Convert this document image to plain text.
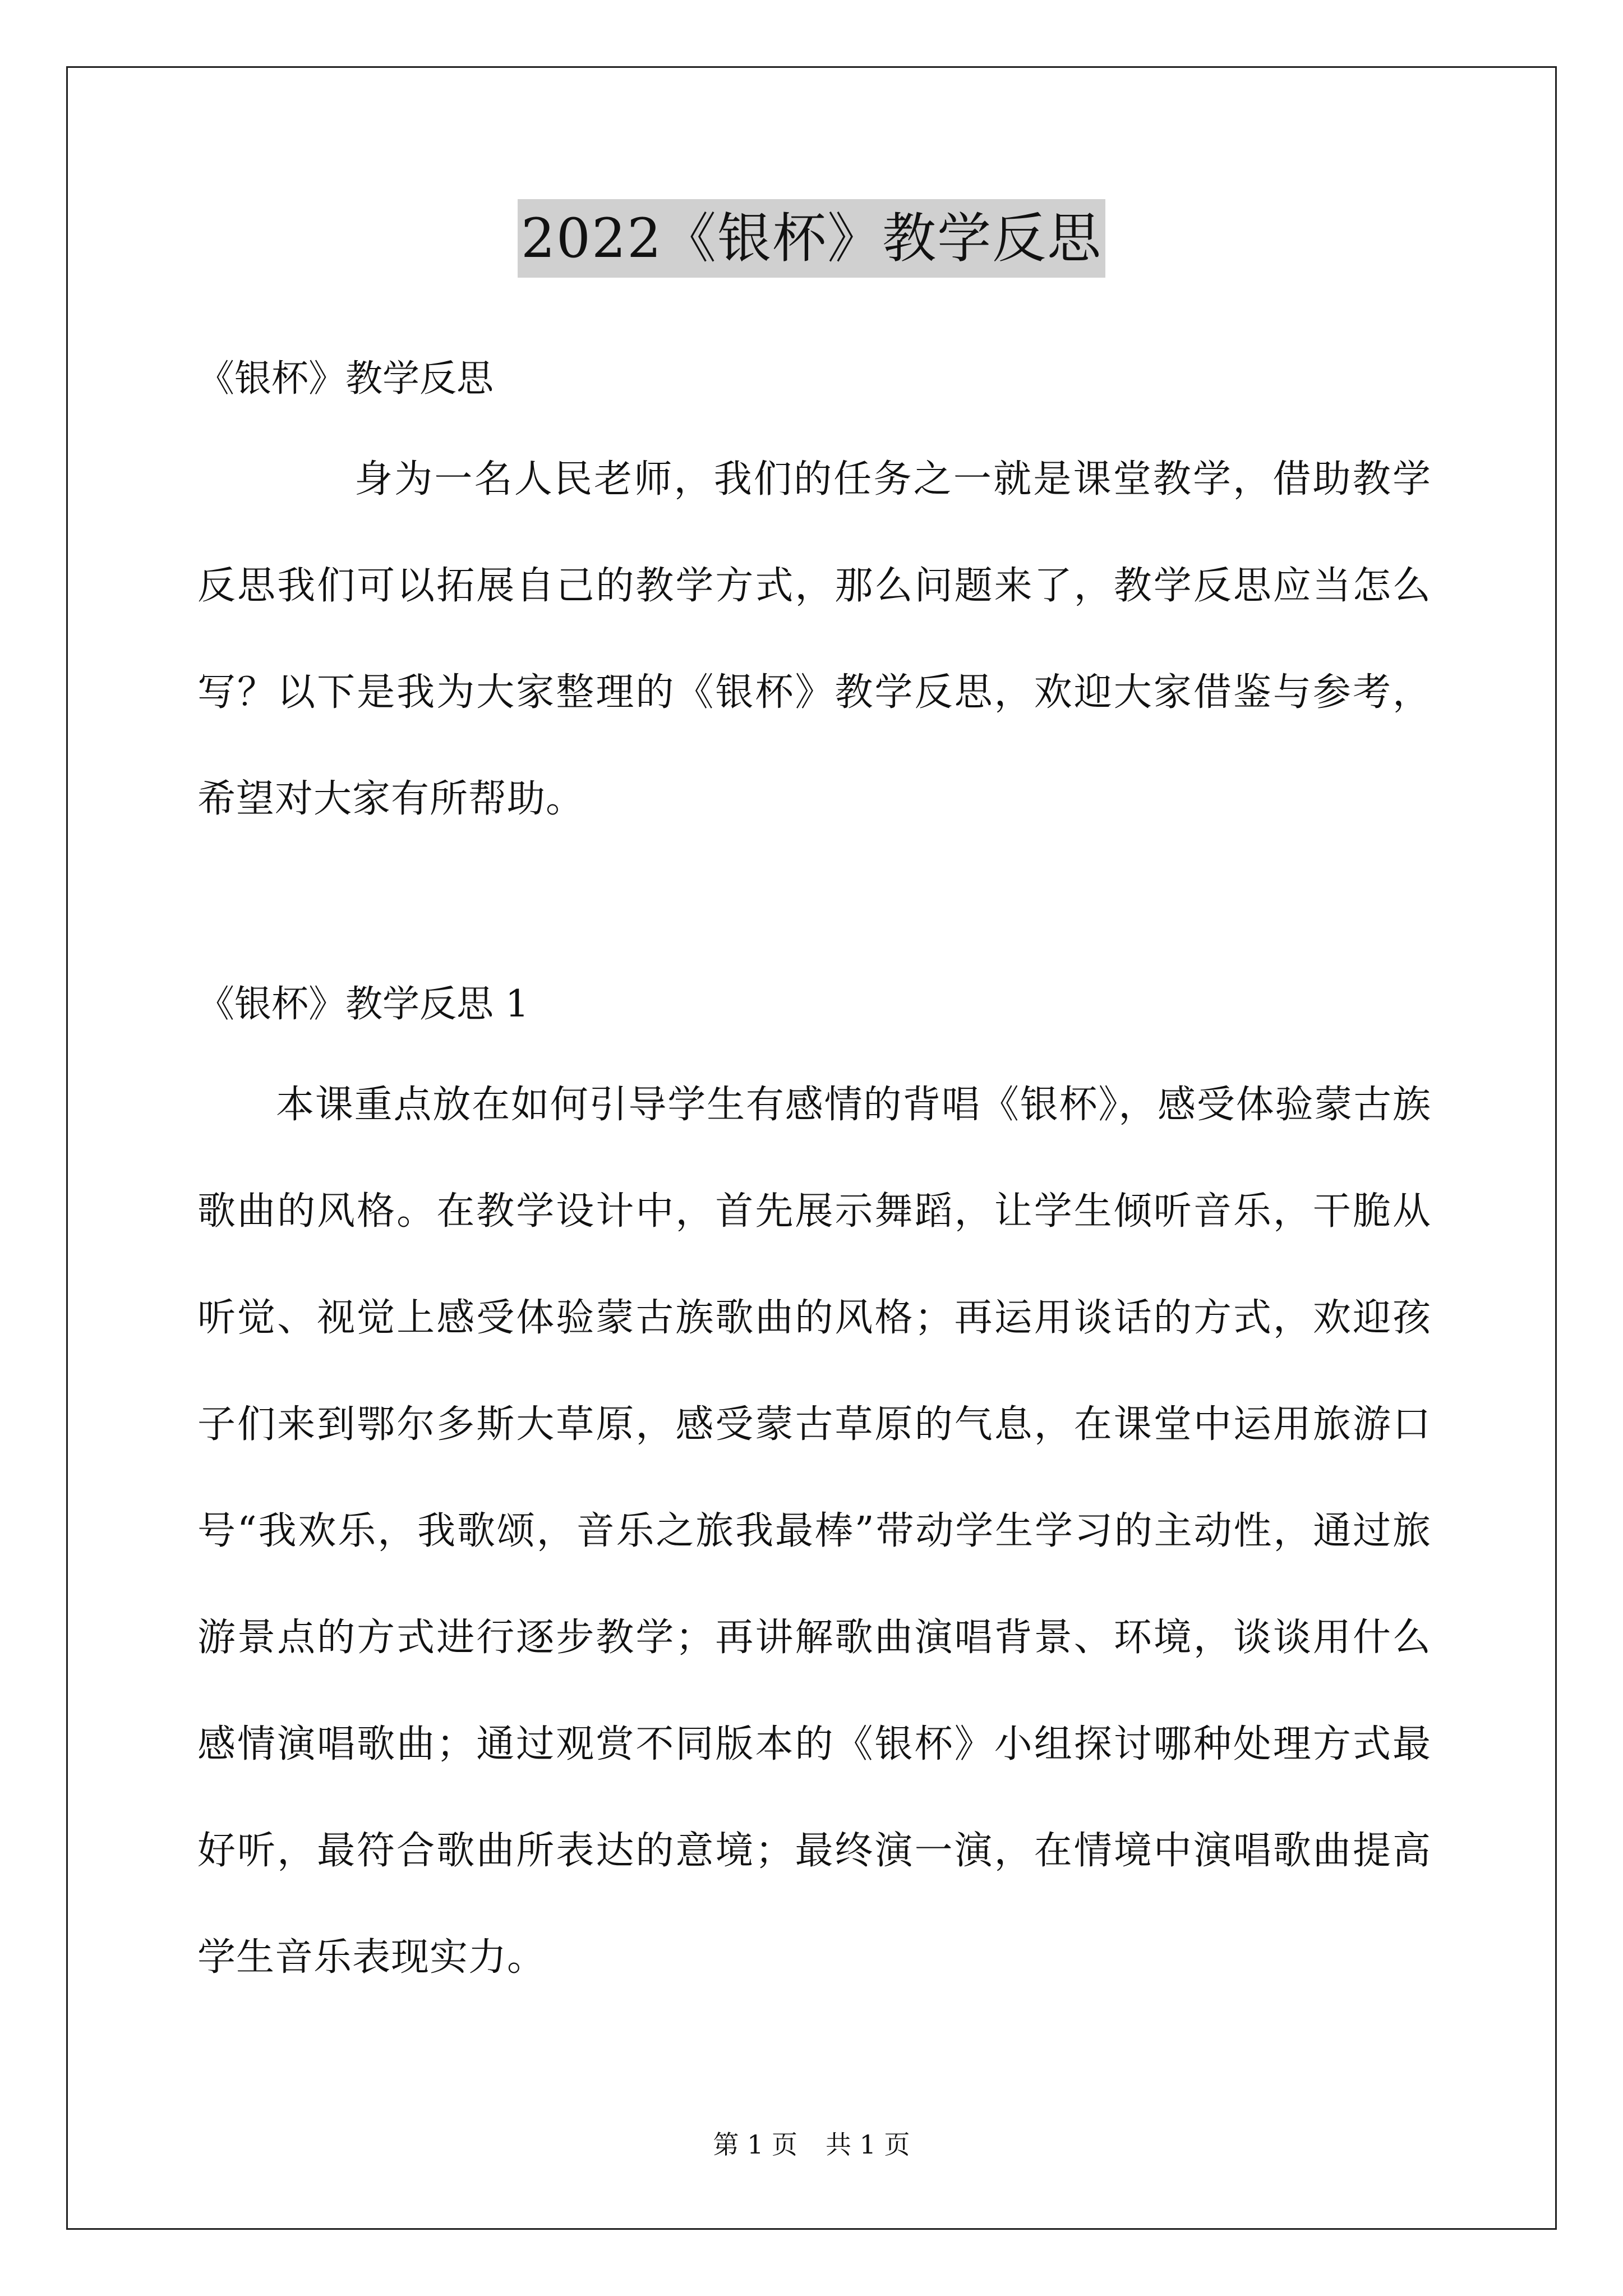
2022《银杯》教学反思

《银杯》教学反思

身为一名人民老师，我们的任务之一就是课堂教学，借助教学反思我们可以拓展自己的教学方式，那么问题来了，教学反思应当怎么写？以下是我为大家整理的《银杯》教学反思，欢迎大家借鉴与参考，希望对大家有所帮助。

《银杯》教学反思 1

本课重点放在如何引导学生有感情的背唱《银杯》，感受体验蒙古族歌曲的风格。在教学设计中，首先展示舞蹈，让学生倾听音乐，干脆从听觉、视觉上感受体验蒙古族歌曲的风格；再运用谈话的方式，欢迎孩子们来到鄂尔多斯大草原，感受蒙古草原的气息，在课堂中运用旅游口号“我欢乐，我歌颂，音乐之旅我最棒”带动学生学习的主动性，通过旅游景点的方式进行逐步教学；再讲解歌曲演唱背景、环境，谈谈用什么感情演唱歌曲；通过观赏不同版本的《银杯》小组探讨哪种处理方式最好听，最符合歌曲所表达的意境；最终演一演，在情境中演唱歌曲提高学生音乐表现实力。

第 1 页 共 1 页
